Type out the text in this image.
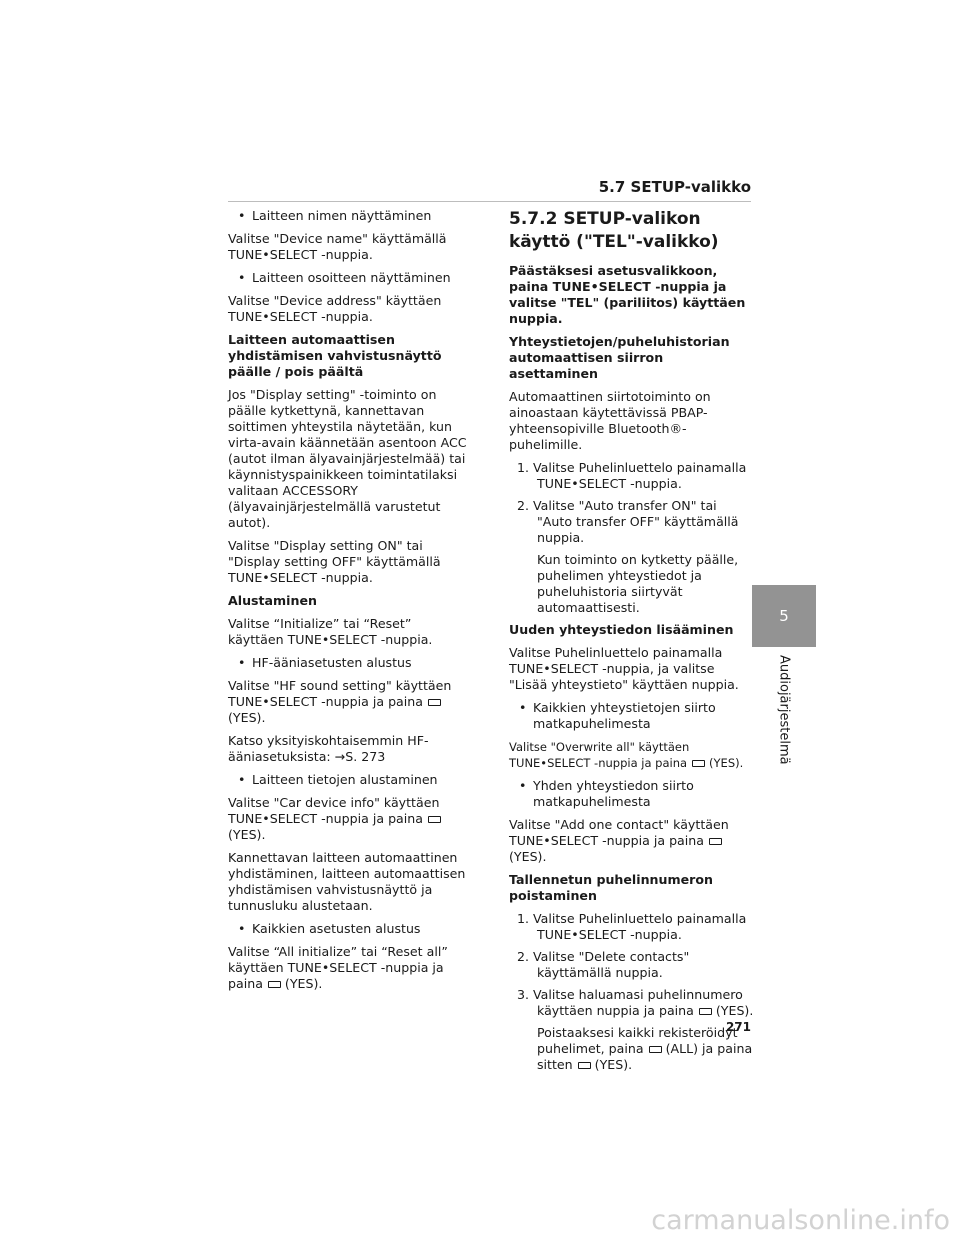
5.7 SETUP-valikko
• Laitteen nimen näyttäminen
Valitse "Device name" käyttämällä TUNE•SELECT -nuppia.
• Laitteen osoitteen näyttäminen
Valitse "Device address" käyttäen TUNE•SELECT -nuppia.
Laitteen automaattisen yhdistämisen vahvistusnäyttö päälle / pois päältä
Jos "Display setting" -toiminto on päälle kytkettynä, kannettavan soittimen yhteystila näytetään, kun virta-avain käännetään asentoon ACC (autot ilman älyavainjärjestelmää) tai käynnistyspainikkeen toimintatilaksi valitaan ACCESSORY (älyavainjärjestelmällä varustetut autot).
Valitse "Display setting ON" tai "Display setting OFF" käyttämällä TUNE•SELECT -nuppia.
Alustaminen
Valitse “Initialize” tai “Reset” käyttäen TUNE•SELECT -nuppia.
• HF-ääniasetusten alustus
Valitse "HF sound setting" käyttäen TUNE•SELECT -nuppia ja paina(YES).
Katso yksityiskohtaisemmin HF-ääniasetuksista: →S. 273
• Laitteen tietojen alustaminen
Valitse "Car device info" käyttäen TUNE•SELECT -nuppia ja paina(YES).
Kannettavan laitteen automaattinen yhdistäminen, laitteen automaattisen yhdistämisen vahvistusnäyttö ja tunnusluku alustetaan.
• Kaikkien asetusten alustus
Valitse “All initialize” tai “Reset all” käyttäen TUNE•SELECT -nuppia ja paina (YES).
5.7.2 SETUP-valikon käyttö ("TEL"-valikko)
Päästäksesi asetusvalikkoon, paina TUNE•SELECT -nuppia ja valitse "TEL" (pariliitos) käyttäen nuppia.
Yhteystietojen/puheluhistorian automaattisen siirron asettaminen
Automaattinen siirtotoiminto on ainoastaan käytettävissä PBAP-yhteensopiville Bluetooth®-puhelimille.
1. Valitse Puhelinluettelo painamalla TUNE•SELECT -nuppia.
2. Valitse "Auto transfer ON" tai "Auto transfer OFF" käyttämällä nuppia.
Kun toiminto on kytketty päälle, puhelimen yhteystiedot ja puheluhistoria siirtyvät automaattisesti.
Uuden yhteystiedon lisääminen
Valitse Puhelinluettelo painamalla TUNE•SELECT -nuppia, ja valitse "Lisää yhteystieto" käyttäen nuppia.
• Kaikkien yhteystietojen siirto matkapuhelimesta
Valitse "Overwrite all" käyttäen TUNE•SELECT -nuppia ja paina (YES).
• Yhden yhteystiedon siirto matkapuhelimesta
Valitse "Add one contact" käyttäen TUNE•SELECT -nuppia ja paina(YES).
Tallennetun puhelinnumeron poistaminen
1. Valitse Puhelinluettelo painamalla TUNE•SELECT -nuppia.
2. Valitse "Delete contacts" käyttämällä nuppia.
3. Valitse haluamasi puhelinnumero käyttäen nuppia ja paina (YES).
Poistaaksesi kaikki rekisteröidyt puhelimet, paina (ALL) ja paina sitten (YES).
5
Audiojärjestelmä
271
carmanualsonline.info
